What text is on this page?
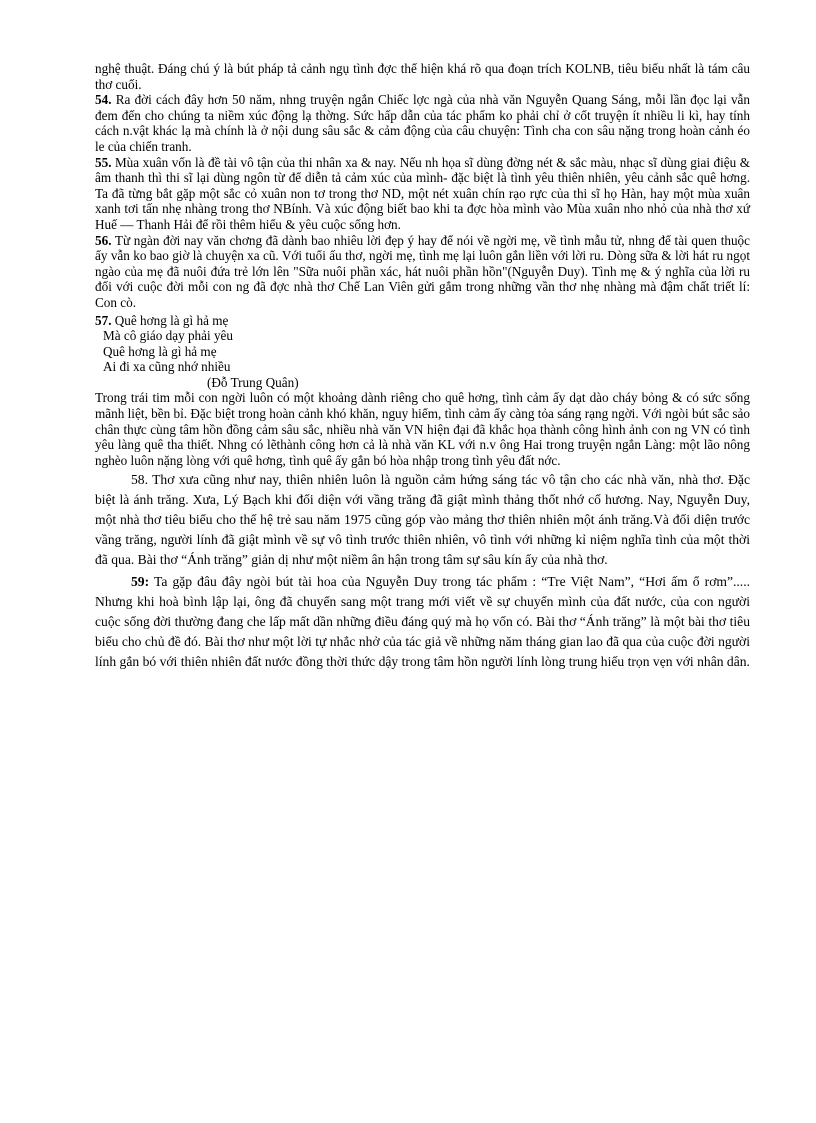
nghệ thuật. Đáng chú ý là bút pháp tả cảnh ngụ tình đợc thể hiện khá rõ qua đoạn trích KOLNB, tiêu biểu nhất là tám câu thơ cuối.

54. Ra đời cách đây hơn 50 năm, nhng truyện ngắn Chiếc lợc ngà của nhà văn Nguyễn Quang Sáng, mỗi lần đọc lại vẫn đem đến cho chúng ta niềm xúc động lạ thờng. Sức hấp dẫn của tác phẩm ko phải chỉ ở cốt truyện ít nhiều li kì, hay tính cách n.vật khác lạ mà chính là ở nội dung sâu sắc & cảm động của câu chuyện: Tình cha con sâu nặng trong hoàn cảnh éo le của chiến tranh.

55. Mùa xuân vốn là đề tài vô tận của thi nhân xa & nay. Nếu nh họa sĩ dùng đờng nét & sắc màu, nhạc sĩ dùng giai điệu & âm thanh thì thi sĩ lại dùng ngôn từ để diễn tả cảm xúc của mình- đặc biệt là tình yêu thiên nhiên, yêu cảnh sắc quê hơng. Ta đã từng bắt gặp một sắc cỏ xuân non tơ trong thơ ND, một nét xuân chín rạo rực của thi sĩ họ Hàn, hay một mùa xuân xanh tơi tấn nhẹ nhàng trong thơ NBính. Và xúc động biết bao khi ta đợc hòa mình vào Mùa xuân nho nhỏ của nhà thơ xứ Huế — Thanh Hải để rồi thêm hiểu & yêu cuộc sống hơn.

56. Từ ngàn đời nay văn chơng đã dành bao nhiêu lời đẹp ý hay để nói về ngời mẹ, về tình mẫu tử, nhng để tài quen thuộc ấy vẫn ko bao giờ là chuyện xa cũ. Với tuổi ấu thơ, ngời mẹ, tình mẹ lại luôn gắn liền với lời ru. Dòng sữa & lời hát ru ngọt ngào của mẹ đã nuôi đứa trẻ lớn lên "Sữa nuôi phần xác, hát nuôi phần hồn"(Nguyễn Duy). Tình mẹ & ý nghĩa của lời ru đối với cuộc đời mỗi con ng đã đợc nhà thơ Chế Lan Viên gửi gắm trong những vần thơ nhẹ nhàng mà đậm chất triết lí: Con cò.

57. Quê hơng là gì hả mẹ
Mà cô giáo dạy phải yêu
Quê hơng là gì hả mẹ
Ai đi xa cũng nhớ nhiều
(Đỗ Trung Quân)

Trong trái tim mỗi con ngời luôn có một khoảng dành riêng cho quê hơng, tình cảm ấy dạt dào cháy bỏng & có sức sống mãnh liệt, bền bỉ. Đặc biệt trong hoàn cảnh khó khăn, nguy hiểm, tình cảm ấy càng tỏa sáng rạng ngời. Với ngòi bút sắc sảo chân thực cùng tâm hồn đồng cảm sâu sắc, nhiều nhà văn VN hiện đại đã khắc họa thành công hình ảnh con ng VN có tình yêu làng quê tha thiết. Nhng có lẽthành công hơn cả là nhà văn KL với n.v ông Hai trong truyện ngắn Làng: một lão nông nghèo luôn nặng lòng với quê hơng, tình quê ấy gắn bó hòa nhập trong tình yêu đất nớc.

58. Thơ xưa cũng như nay, thiên nhiên luôn là nguồn cảm hứng sáng tác vô tận cho các nhà văn, nhà thơ. Đặc biệt là ánh trăng. Xưa, Lý Bạch khi đối diện với vầng trăng đã giật mình thảng thốt nhớ cố hương. Nay, Nguyễn Duy, một nhà thơ tiêu biểu cho thế hệ trẻ sau năm 1975 cũng góp vào mảng thơ thiên nhiên một ánh trăng.Và đối diện trước vầng trăng, người lính đã giật mình về sự vô tình trước thiên nhiên, vô tình với những kỉ niệm nghĩa tình của một thời đã qua. Bài thơ “Ánh trăng” giản dị như một niềm ân hận trong tâm sự sâu kín ấy của nhà thơ.

59: Ta gặp đâu đây ngòi bút tài hoa của Nguyễn Duy trong tác phẩm : “Tre Việt Nam”, “Hơi ấm ổ rơm”..... Nhưng khi hoà bình lập lại, ông đã chuyển sang một trang mới viết về sự chuyển mình của đất nước, của con người cuộc sống đời thường đang che lấp mất dần những điều đáng quý mà họ vốn có. Bài thơ “Ánh trăng” là một bài thơ tiêu biểu cho chủ đề đó. Bài thơ như một lời tự nhắc nhở của tác giả về những năm tháng gian lao đã qua của cuộc đời người lính gắn bó với thiên nhiên đất nước đồng thời thức dậy trong tâm hồn người lính lòng trung hiếu trọn vẹn với nhân dân.
